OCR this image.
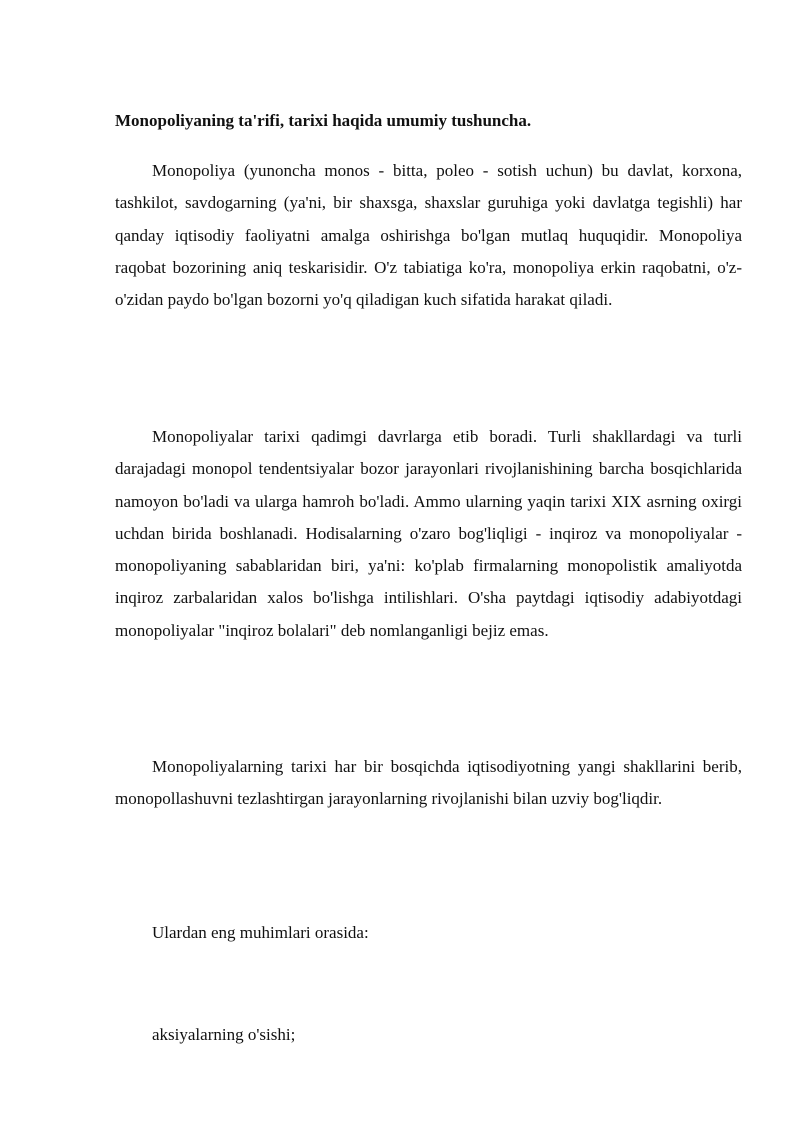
Monopoliyaning ta'rifi, tarixi haqida umumiy tushuncha.

Monopoliya (yunoncha monos - bitta, poleo - sotish uchun) bu davlat, korxona, tashkilot, savdogarning (ya'ni, bir shaxsga, shaxslar guruhiga yoki davlatga tegishli) har qanday iqtisodiy faoliyatni amalga oshirishga bo'lgan mutlaq huquqidir. Monopoliya raqobat bozorining aniq teskarisidir. O'z tabiatiga ko'ra, monopoliya erkin raqobatni, o'z-o'zidan paydo bo'lgan bozorni yo'q qiladigan kuch sifatida harakat qiladi.

Monopoliyalar tarixi qadimgi davrlarga etib boradi. Turli shakllardagi va turli darajadagi monopol tendentsiyalar bozor jarayonlari rivojlanishining barcha bosqichlarida namoyon bo'ladi va ularga hamroh bo'ladi. Ammo ularning yaqin tarixi XIX asrning oxirgi uchdan birida boshlanadi. Hodisalarning o'zaro bog'liqligi - inqiroz va monopoliyalar - monopoliyaning sabablaridan biri, ya'ni: ko'plab firmalarning monopolistik amaliyotda inqiroz zarbalaridan xalos bo'lishga intilishlari. O'sha paytdagi iqtisodiy adabiyotdagi monopoliyalar "inqiroz bolalari" deb nomlanganligi bejiz emas.

Monopoliyalarning tarixi har bir bosqichda iqtisodiyotning yangi shakllarini berib, monopollashuvni tezlashtirgan jarayonlarning rivojlanishi bilan uzviy bog'liqdir.

Ulardan eng muhimlari orasida:

aksiyalarning o'sishi;
